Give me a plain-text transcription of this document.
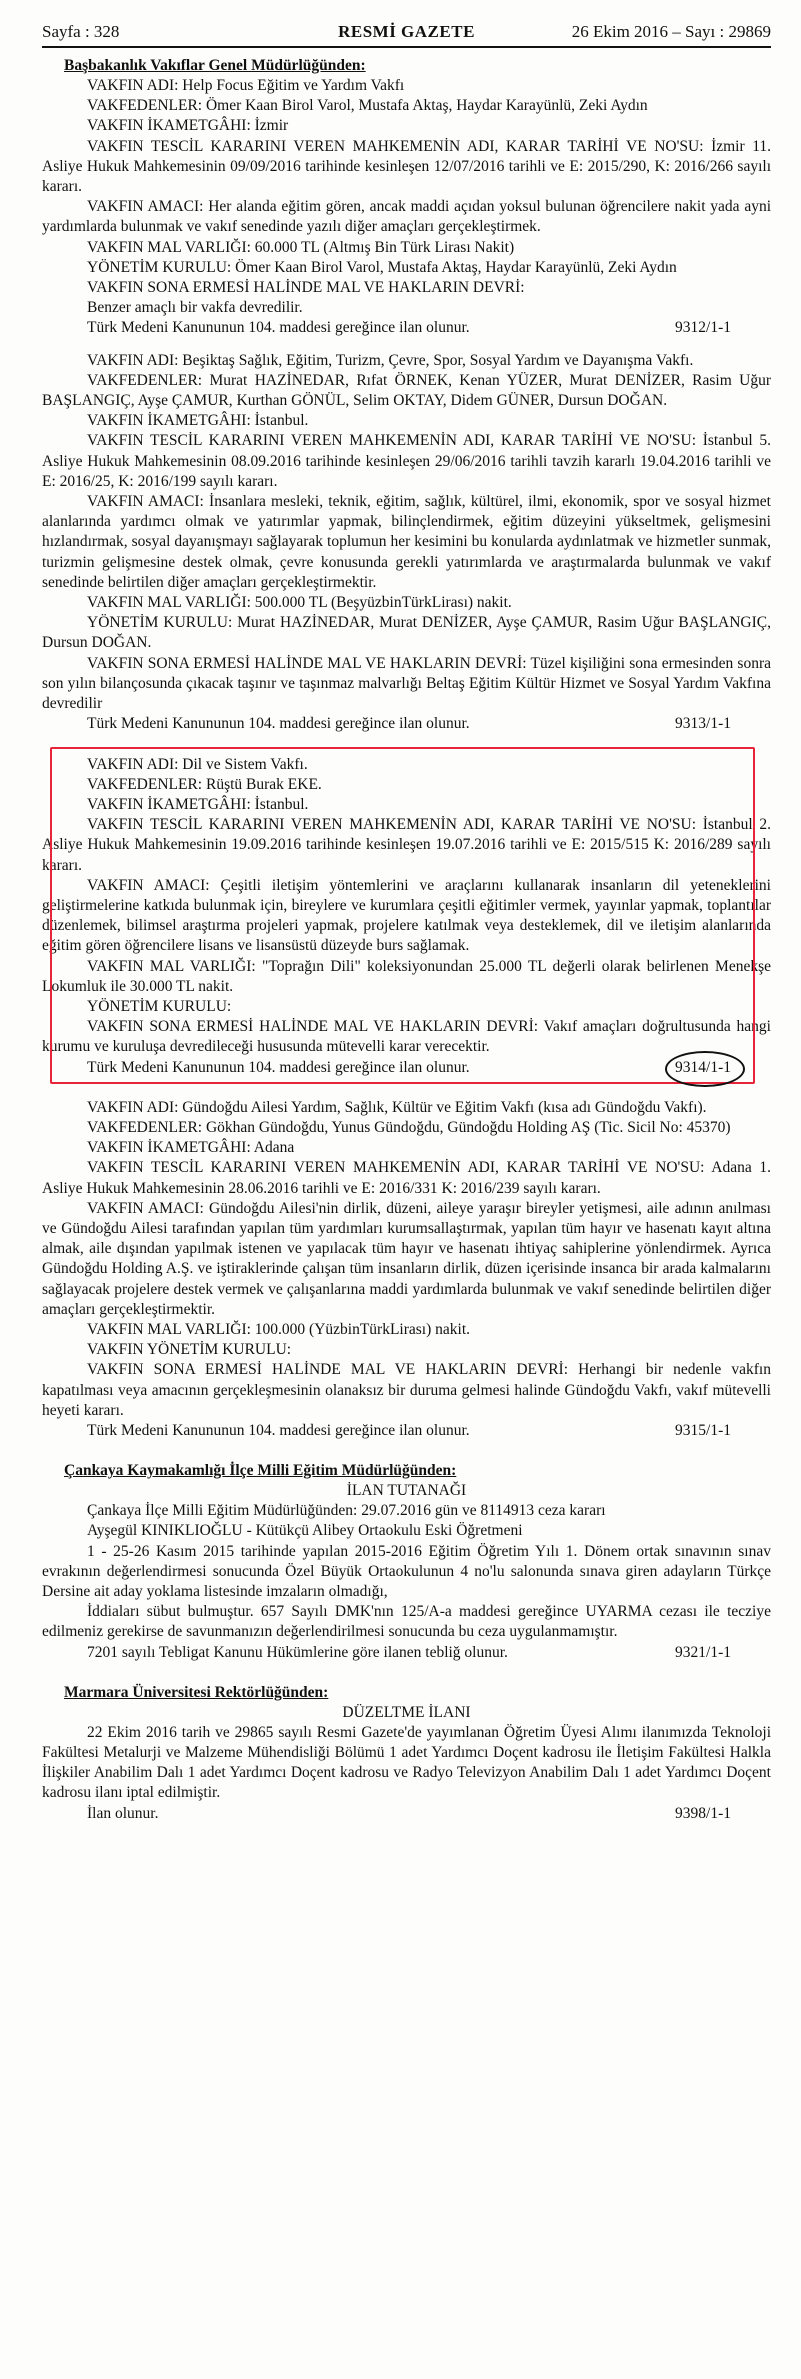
Sayfa : 328	RESMİ GAZETE	26 Ekim 2016 – Sayı : 29869
Başbakanlık Vakıflar Genel Müdürlüğünden:

VAKFIN ADI: Help Focus Eğitim ve Yardım Vakfı

VAKFEDENLER: Ömer Kaan Birol Varol, Mustafa Aktaş, Haydar Karayünlü, Zeki Aydın

VAKFIN İKAMETGÂHI: İzmir

VAKFIN TESCİL KARARINI VEREN MAHKEMENİN ADI, KARAR TARİHİ VE NO'SU: İzmir 11. Asliye Hukuk Mahkemesinin 09/09/2016 tarihinde kesinleşen 12/07/2016 tarihli ve E: 2015/290, K: 2016/266 sayılı kararı.

VAKFIN AMACI: Her alanda eğitim gören, ancak maddi açıdan yoksul bulunan öğrencilere nakit yada ayni yardımlarda bulunmak ve vakıf senedinde yazılı diğer amaçları gerçekleştirmek.

VAKFIN MAL VARLIĞI: 60.000 TL (Altmış Bin Türk Lirası Nakit)

YÖNETİM KURULU: Ömer Kaan Birol Varol, Mustafa Aktaş, Haydar Karayünlü, Zeki Aydın

VAKFIN SONA ERMESİ HALİNDE MAL VE HAKLARIN DEVRİ:

Benzer amaçlı bir vakfa devredilir.

Türk Medeni Kanununun 104. maddesi gereğince ilan olunur.	9312/1-1

VAKFIN ADI: Beşiktaş Sağlık, Eğitim, Turizm, Çevre, Spor, Sosyal Yardım ve Dayanışma Vakfı.

VAKFEDENLER: Murat HAZİNEDAR, Rıfat ÖRNEK, Kenan YÜZER, Murat DENİZER, Rasim Uğur BAŞLANGIÇ, Ayşe ÇAMUR, Kurthan GÖNÜL, Selim OKTAY, Didem GÜNER, Dursun DOĞAN.

VAKFIN İKAMETGÂHI: İstanbul.

VAKFIN TESCİL KARARINI VEREN MAHKEMENİN ADI, KARAR TARİHİ VE NO'SU: İstanbul 5. Asliye Hukuk Mahkemesinin 08.09.2016 tarihinde kesinleşen 29/06/2016 tarihli tavzih kararlı 19.04.2016 tarihli ve E: 2016/25, K: 2016/199 sayılı kararı.

VAKFIN AMACI: İnsanlara mesleki, teknik, eğitim, sağlık, kültürel, ilmi, ekonomik, spor ve sosyal hizmet alanlarında yardımcı olmak ve yatırımlar yapmak, bilinçlendirmek, eğitim düzeyini yükseltmek, gelişmesini hızlandırmak, sosyal dayanışmayı sağlayarak toplumun her kesimini bu konularda aydınlatmak ve hizmetler sunmak, turizmin gelişmesine destek olmak, çevre konusunda gerekli yatırımlarda ve araştırmalarda bulunmak ve vakıf senedinde belirtilen diğer amaçları gerçekleştirmektir.

VAKFIN MAL VARLIĞI: 500.000 TL (BeşyüzbinTürkLirası) nakit.

YÖNETİM KURULU: Murat HAZİNEDAR, Murat DENİZER, Ayşe ÇAMUR, Rasim Uğur BAŞLANGIÇ, Dursun DOĞAN.

VAKFIN SONA ERMESİ HALİNDE MAL VE HAKLARIN DEVRİ: Tüzel kişiliğini sona ermesinden sonra son yılın bilançosunda çıkacak taşınır ve taşınmaz malvarlığı Beltaş Eğitim Kültür Hizmet ve Sosyal Yardım Vakfına devredilir

Türk Medeni Kanununun 104. maddesi gereğince ilan olunur.	9313/1-1

VAKFIN ADI: Dil ve Sistem Vakfı.

VAKFEDENLER: Rüştü Burak EKE.

VAKFIN İKAMETGÂHI: İstanbul.

VAKFIN TESCİL KARARINI VEREN MAHKEMENİN ADI, KARAR TARİHİ VE NO'SU: İstanbul 2. Asliye Hukuk Mahkemesinin 19.09.2016 tarihinde kesinleşen 19.07.2016 tarihli ve E: 2015/515 K: 2016/289 sayılı kararı.

VAKFIN AMACI: Çeşitli iletişim yöntemlerini ve araçlarını kullanarak insanların dil yeteneklerini geliştirmelerine katkıda bulunmak için, bireylere ve kurumlara çeşitli eğitimler vermek, yayınlar yapmak, toplantılar düzenlemek, bilimsel araştırma projeleri yapmak, projelere katılmak veya desteklemek, dil ve iletişim alanlarında eğitim gören öğrencilere lisans ve lisansüstü düzeyde burs sağlamak.

VAKFIN MAL VARLIĞI: "Toprağın Dili" koleksiyonundan 25.000 TL değerli olarak belirlenen Menekşe Lokumluk ile 30.000 TL nakit.

YÖNETİM KURULU:

VAKFIN SONA ERMESİ HALİNDE MAL VE HAKLARIN DEVRİ: Vakıf amaçları doğrultusunda hangi kurumu ve kuruluşa devredileceği hususunda mütevelli karar verecektir.

Türk Medeni Kanununun 104. maddesi gereğince ilan olunur.	9314/1-1

VAKFIN ADI: Gündoğdu Ailesi Yardım, Sağlık, Kültür ve Eğitim Vakfı (kısa adı Gündoğdu Vakfı).

VAKFEDENLER: Gökhan Gündoğdu, Yunus Gündoğdu, Gündoğdu Holding AŞ (Tic. Sicil No: 45370)

VAKFIN İKAMETGÂHI: Adana

VAKFIN TESCİL KARARINI VEREN MAHKEMENİN ADI, KARAR TARİHİ VE NO'SU: Adana 1. Asliye Hukuk Mahkemesinin 28.06.2016 tarihli ve E: 2016/331 K: 2016/239 sayılı kararı.

VAKFIN AMACI: Gündoğdu Ailesi'nin dirlik, düzeni, aileye yaraşır bireyler yetişmesi, aile adının anılması ve Gündoğdu Ailesi tarafından yapılan tüm yardımları kurumsallaştırmak, yapılan tüm hayır ve hasenatı kayıt altına almak, aile dışından yapılmak istenen ve yapılacak tüm hayır ve hasenatı ihtiyaç sahiplerine yönlendirmek. Ayrıca Gündoğdu Holding A.Ş. ve iştiraklerinde çalışan tüm insanların dirlik, düzen içerisinde insanca bir arada kalmalarını sağlayacak projelere destek vermek ve çalışanlarına maddi yardımlarda bulunmak ve vakıf senedinde belirtilen diğer amaçları gerçekleştirmektir.

VAKFIN MAL VARLIĞI: 100.000 (YüzbinTürkLirası) nakit.

VAKFIN YÖNETİM KURULU:

VAKFIN SONA ERMESİ HALİNDE MAL VE HAKLARIN DEVRİ: Herhangi bir nedenle vakfın kapatılması veya amacının gerçekleşmesinin olanaksız bir duruma gelmesi halinde Gündoğdu Vakfı, vakıf mütevelli heyeti kararı.

Türk Medeni Kanununun 104. maddesi gereğince ilan olunur.	9315/1-1

Çankaya Kaymakamlığı İlçe Milli Eğitim Müdürlüğünden:
İLAN TUTANAĞI

Çankaya İlçe Milli Eğitim Müdürlüğünden: 29.07.2016 gün ve 8114913 ceza kararı

Ayşegül KINIKLIOĞLU - Kütükçü Alibey Ortaokulu Eski Öğretmeni

1 - 25-26 Kasım 2015 tarihinde yapılan 2015-2016 Eğitim Öğretim Yılı 1. Dönem ortak sınavının sınav evrakının değerlendirmesi sonucunda Özel Büyük Ortaokulunun 4 no'lu salonunda sınava giren adayların Türkçe Dersine ait aday yoklama listesinde imzaların olmadığı,

İddiaları sübut bulmuştur. 657 Sayılı DMK'nın 125/A-a maddesi gereğince UYARMA cezası ile tecziye edilmeniz gerekirse de savunmanızın değerlendirilmesi sonucunda bu ceza uygulanmamıştır.

7201 sayılı Tebligat Kanunu Hükümlerine göre ilanen tebliğ olunur.	9321/1-1

Marmara Üniversitesi Rektörlüğünden:
DÜZELTME İLANI

22 Ekim 2016 tarih ve 29865 sayılı Resmi Gazete'de yayımlanan Öğretim Üyesi Alımı ilanımızda Teknoloji Fakültesi Metalurji ve Malzeme Mühendisliği Bölümü 1 adet Yardımcı Doçent kadrosu ile İletişim Fakültesi Halkla İlişkiler Anabilim Dalı 1 adet Yardımcı Doçent kadrosu ve Radyo Televizyon Anabilim Dalı 1 adet Yardımcı Doçent kadrosu ilanı iptal edilmiştir.

İlan olunur.	9398/1-1
